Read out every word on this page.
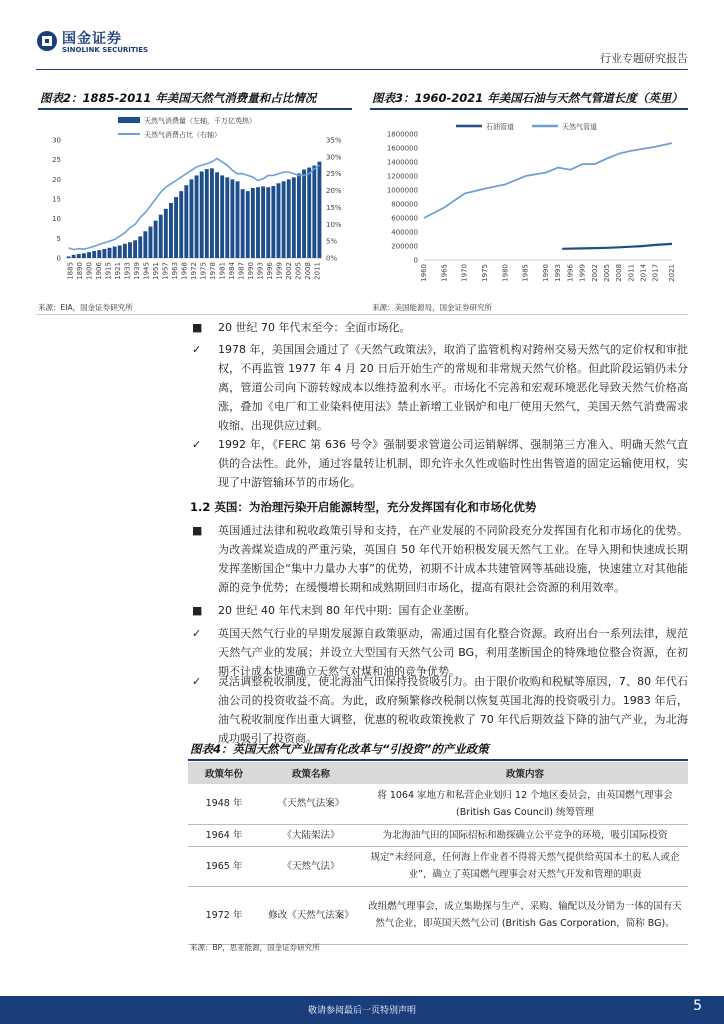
国金证券
SINOLINK SECURITIES
行业专题研究报告
图表2：1885-2011 年美国天然气消费量和占比情况
0
5
10
15
20
25
30
0%
5%
10%
15%
20%
25%
30%
35%
1885 1890 1900 1906 1915 1921 1933 1939 1945 1951 1957 1963 1968 1972 1975 1978 1981 1984 1987 1990 1993 1996 1999 2002 2005 2008 2011
天然气消费量（左轴，千万亿英热）
天然气消费占比（右轴）
来源：EIA，国金证券研究所
图表3：1960-2021 年美国石油与天然气管道长度（英里）
0
200000
400000
600000
800000
1000000
1200000
1400000
1600000
1800000
1960 1965 1970 1975 1980 1985 1990 1993 1996 1999 2002 2005 2008 2011 2014 2017 2021
石油管道	天然气管道
来源：美国能源局，国金证券研究所
■ 20 世纪 70 年代末至今：全面市场化。
✓ 1978 年，美国国会通过了《天然气政策法》，取消了监管机构对跨州交易天然气的定价权和审批权，不再监管 1977 年 4 月 20 日后开始生产的常规和非常规天然气价格。但此阶段运销仍未分离，管道公司向下游转嫁成本以维持盈利水平。市场化不完善和宏观环境恶化导致天然气价格高涨，叠加《电厂和工业染料使用法》禁止新增工业锅炉和电厂使用天然气，美国天然气消费需求收缩、出现供应过剩。
✓ 1992 年，《FERC 第 636 号令》强制要求管道公司运销解绑、强制第三方准入、明确天然气直供的合法性。此外，通过容量转让机制，即允许永久性或临时性出售管道的固定运输使用权，实现了中游管输环节的市场化。
1.2 英国：为治理污染开启能源转型，充分发挥国有化和市场化优势
■ 英国通过法律和税收政策引导和支持，在产业发展的不同阶段充分发挥国有化和市场化的优势。为改善煤炭造成的严重污染，英国自 50 年代开始积极发展天然气工业。在导入期和快速成长期发挥垄断国企“集中力量办大事”的优势，初期不计成本共建管网等基础设施，快速建立对其他能源的竞争优势；在缓慢增长期和成熟期回归市场化，提高有限社会资源的利用效率。
■ 20 世纪 40 年代末到 80 年代中期：国有企业垄断。
✓ 英国天然气行业的早期发展源自政策驱动，需通过国有化整合资源。政府出台一系列法律，规范天然气产业的发展；并设立大型国有天然气公司 BG，利用垄断国企的特殊地位整合资源，在初期不计成本快速确立天然气对煤和油的竞争优势。
✓ 灵活调整税收制度，使北海油气田保持投资吸引力。由于限价收购和税赋等原因，7、80 年代石油公司的投资收益不高。为此，政府频繁修改税制以恢复英国北海的投资吸引力。1983 年后，油气税收制度作出重大调整，优惠的税收政策挽救了 70 年代后期效益下降的油气产业，为北海成功吸引了投资商。
图表4：英国天然气产业国有化改革与“引投资”的产业政策
政策年份	政策名称	政策内容
1948 年	《天然气法案》	将 1064 家地方和私营企业划归 12 个地区委员会，由英国燃气理事会 (British Gas Council) 统筹管理
1964 年	《大陆架法》	为北海油气田的国际招标和勘探确立公平竞争的环境，吸引国际投资
1965 年	《天然气法》	规定“未经同意，任何海上作业者不得将天然气提供给英国本土的私人或企业”，确立了英国燃气理事会对天然气开发和管理的职责
1972 年	修改《天然气法案》	改组燃气理事会，成立集勘探与生产、采购、输配以及分销为一体的国有天然气企业，即英国天然气公司 (British Gas Corporation，简称 BG)。
来源：BP，思亚能源，国金证券研究所
敬请参阅最后一页特别声明	5
